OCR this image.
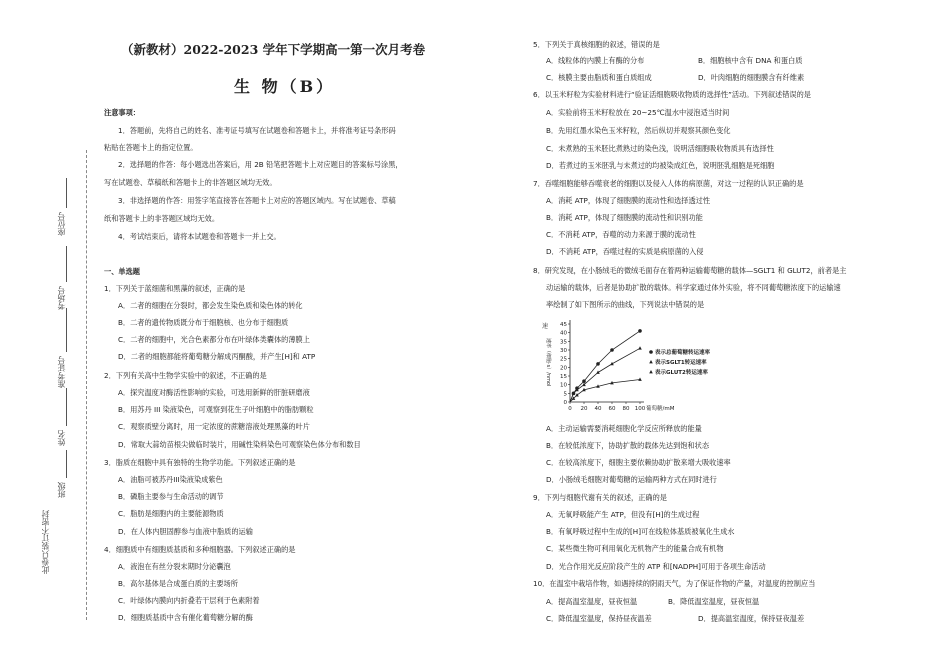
座位号
考场号
准考证号
姓名
班级
此卷只装订不密封
（新教材）2022-2023 学年下学期高一第一次月考卷
生 物（B）
注意事项：
1．答题前，先将自己的姓名、准考证号填写在试题卷和答题卡上，并将准考证号条形码
粘贴在答题卡上的指定位置。
2．选择题的作答：每小题选出答案后，用 2B 铅笔把答题卡上对应题目的答案标号涂黑，
写在试题卷、草稿纸和答题卡上的非答题区域均无效。
3．非选择题的作答：用签字笔直接答在答题卡上对应的答题区域内。写在试题卷、草稿
纸和答题卡上的非答题区域均无效。
4．考试结束后，请将本试题卷和答题卡一并上交。
一、单选题
1．下列关于蓝细菌和黑藻的叙述，正确的是
A．二者的细胞在分裂时，都会发生染色质和染色体的转化
B．二者的遗传物质既分布于细胞核、也分布于细胞质
C．二者的细胞中，光合色素都分布在叶绿体类囊体的薄膜上
D．二者的细胞都能将葡萄糖分解成丙酮酸，并产生[H]和 ATP
2．下列有关高中生物学实验中的叙述，不正确的是
A．探究温度对酶活性影响的实验，可选用新鲜的肝脏研磨液
B．用苏丹 III 染液染色，可观察到花生子叶细胞中的脂肪颗粒
C．观察质壁分离时，用一定浓度的蔗糖溶液处理黑藻的叶片
D．常取大蒜幼苗根尖做临时装片，用碱性染料染色可观察染色体分布和数目
3．脂质在细胞中具有独特的生物学功能。下列叙述正确的是
A．油脂可被苏丹III染液染成紫色
B．磷脂主要参与生命活动的调节
C．脂肪是细胞内的主要能源物质
D．在人体内胆固醇参与血液中脂质的运输
4．细胞质中有细胞质基质和多种细胞器。下列叙述正确的是
A．液泡在有丝分裂末期时分泌囊泡
B．高尔基体是合成蛋白质的主要场所
C．叶绿体内膜向内折叠若干层利于色素附着
D．细胞质基质中含有催化葡萄糖分解的酶
5．下列关于真核细胞的叙述，错误的是
A．线粒体的内膜上有酶的分布	B．细胞核中含有 DNA 和蛋白质
C．核膜主要由脂质和蛋白质组成	D．叶肉细胞的细胞膜含有纤维素
6．以玉米籽粒为实验材料进行“验证活细胞吸收物质的选择性”活动。下列叙述错误的是
A．实验前将玉米籽粒放在 20~25℃温水中浸泡适当时间
B．先用红墨水染色玉米籽粒，然后纵切并观察其颜色变化
C．未煮熟的玉米胚比煮熟过的染色浅，说明活细胞吸收物质具有选择性
D．若煮过的玉米胚乳与未煮过的均被染成红色，说明胚乳细胞是死细胞
7．吞噬细胞能够吞噬衰老的细胞以及侵入人体的病原菌，对这一过程的认识正确的是
A．消耗 ATP，体现了细胞膜的流动性和选择透过性
B．消耗 ATP，体现了细胞膜的流动性和识别功能
C．不消耗 ATP，吞噬的动力来源于膜的流动性
D．不消耗 ATP，吞噬过程的实质是病原菌的入侵
8．研究发现，在小肠绒毛的微绒毛面存在着两种运输葡萄糖的载体—SGLT1 和 GLUT2，前者是主
动运输的载体，后者是协助扩散的载体。科学家通过体外实验，将不同葡萄糖浓度下的运输速
率绘制了如下图所示的曲线，下列说法中错误的是
0 20 40 60 80 100
0
5
10
15
20
25
30
35
40
45
葡萄糖/mM
速
速率（细胞·s）/nmol	表示总葡萄糖转运速率
表示SGLT1转运速率
表示GLUT2转运速率
A．主动运输需要消耗细胞化学反应所释放的能量
B．在较低浓度下，协助扩散的载体先达到饱和状态
C．在较高浓度下，细胞主要依赖协助扩散来增大吸收速率
D．小肠绒毛细胞对葡萄糖的运输两种方式在同时进行
9．下列与细胞代谢有关的叙述，正确的是
A．无氧呼吸能产生 ATP，但没有[H]的生成过程
B．有氧呼吸过程中生成的[H]可在线粒体基质被氧化生成水
C．某些微生物可利用氧化无机物产生的能量合成有机物
D．光合作用光反应阶段产生的 ATP 和[NADPH]可用于各项生命活动
10．在温室中栽培作物，如遇持续的阴雨天气，为了保证作物的产量，对温度的控制应当
A．提高温室温度，昼夜恒温	B．降低温室温度，昼夜恒温
C．降低温室温度，保持昼夜温差	D．提高温室温度，保持昼夜温差
